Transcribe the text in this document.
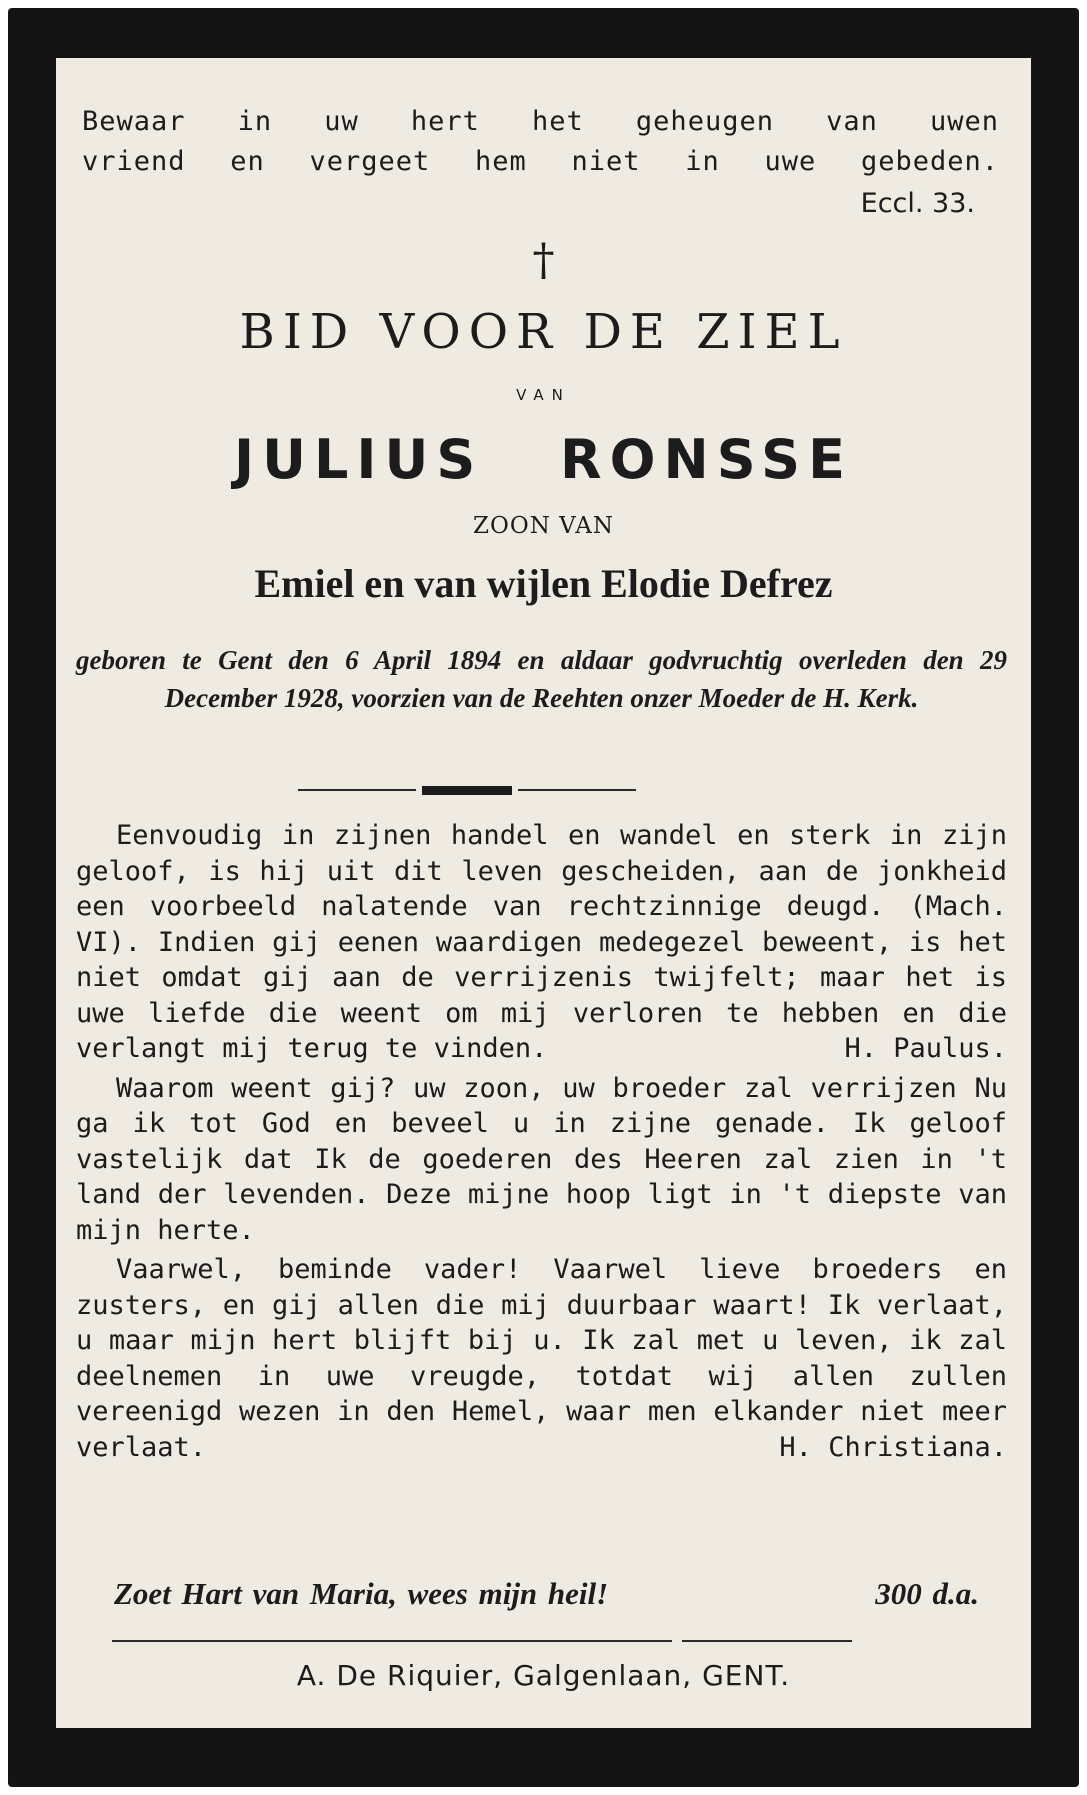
Bewaar in uw hert het geheugen van uwen
vriend en vergeet hem niet in uwe gebeden.
Eccl. 33.
†
BID VOOR DE ZIEL
VAN
JULIUS RONSSE
ZOON VAN
Emiel en van wijlen Elodie Defrez
geboren te Gent den 6 April 1894 en aldaar godvruchtig overleden den 29 December 1928, voorzien van de Reehten onzer Moeder de H. Kerk.
Eenvoudig in zijnen handel en wandel en sterk in zijn geloof, is hij uit dit leven gescheiden, aan de jonkheid een voorbeeld nalatende van rechtzinnige deugd. (Mach. VI). Indien gij eenen waardigen medegezel beweent, is het niet omdat gij aan de verrijzenis twijfelt; maar het is uwe liefde die weent om mij verloren te hebben en die verlangt mij terug te vinden.	H. Paulus.
Waarom weent gij? uw zoon, uw broeder zal verrijzen Nu ga ik tot God en beveel u in zijne genade. Ik geloof vastelijk dat Ik de goederen des Heeren zal zien in 't land der levenden. Deze mijne hoop ligt in 't diepste van mijn herte.
Vaarwel, beminde vader! Vaarwel lieve broeders en zusters, en gij allen die mij duurbaar waart! Ik verlaat, u maar mijn hert blijft bij u. Ik zal met u leven, ik zal deelnemen in uwe vreugde, totdat wij allen zullen vereenigd wezen in den Hemel, waar men elkander niet meer verlaat.	H. Christiana.
Zoet Hart van Maria, wees mijn heil!	300 d.a.
A. De Riquier, Galgenlaan, GENT.
